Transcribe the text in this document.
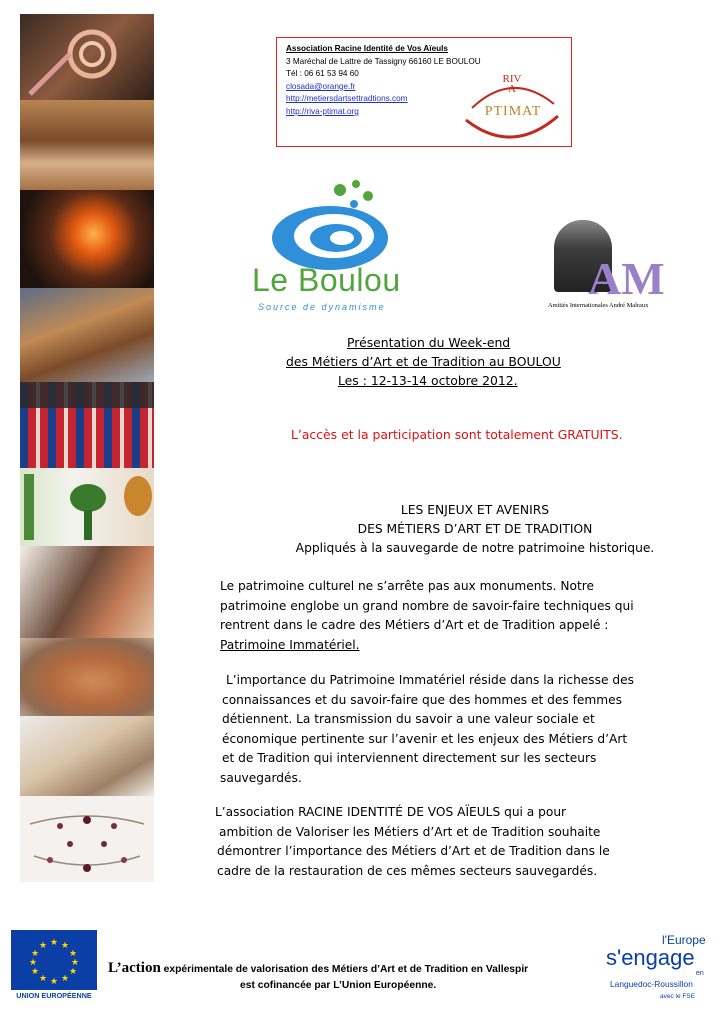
Association Racine Identité de Vos Aïeuls
3 Maréchal de Lattre de Tassigny 66160 LE BOULOU
Tél : 06 61 53 94 60
closada@orange.fr
http://metiersdartsettradtions.com
http://riva-ptimat.org
RIVA
PTIMAT
Le Boulou
Source de dynamisme
AM
Amitiés Internationales André Malraux
Présentation du Week-end
des Métiers d’Art et de Tradition au BOULOU
Les : 12-13-14 octobre 2012.
L’accès et la participation sont totalement GRATUITS.
LES ENJEUX ET AVENIRS
DES MÉTIERS D’ART ET DE TRADITION
Appliqués à la sauvegarde de notre patrimoine historique.
Le patrimoine culturel ne s’arrête pas aux monuments. Notre
patrimoine englobe un grand nombre de savoir-faire techniques qui
rentrent dans le cadre des Métiers d’Art et de Tradition appelé :
Patrimoine Immatériel.
L’importance du Patrimoine Immatériel réside dans la richesse des
connaissances et du savoir-faire que des hommes et des femmes
détiennent. La transmission du savoir a une valeur sociale et
économique pertinente sur l’avenir et les enjeux des Métiers d’Art
et de Tradition qui interviennent directement sur les secteurs
sauvegardés.
L’association RACINE IDENTITÉ DE VOS AÏEULS qui a pour
ambition de Valoriser les Métiers d’Art et de Tradition souhaite
démontrer l’importance des Métiers d’Art et de Tradition dans le
cadre de la restauration de ces mêmes secteurs sauvegardés.
★ ★
★
★
★
★
★
★
★
★
★
★
UNION EUROPÉENNE
L’action expérimentale de valorisation des Métiers d’Art et de Tradition en Vallespir
est cofinancée par L’Union Européenne.
l'Europe
s'engage
en
Languedoc-Roussillon
avec le FSE
